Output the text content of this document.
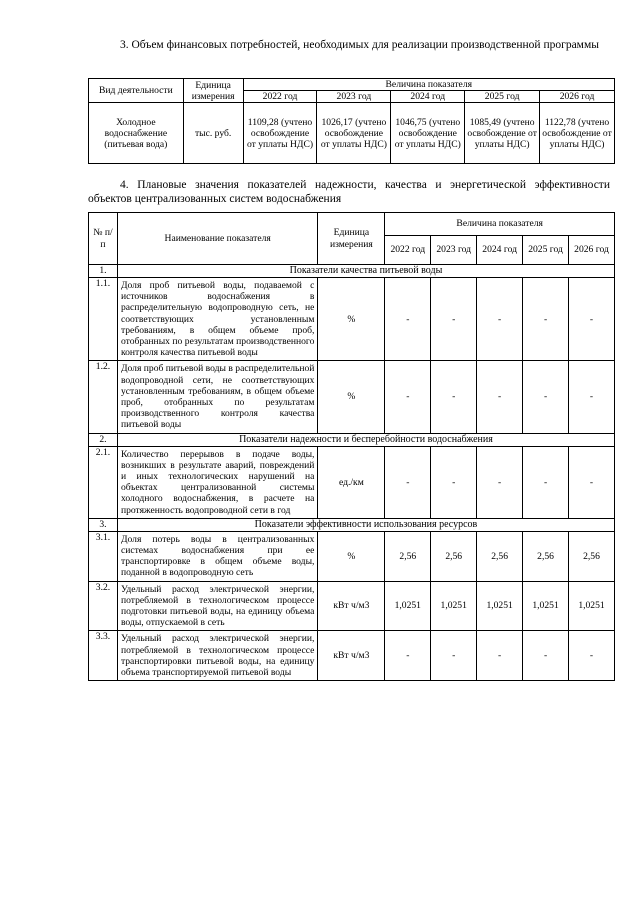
3. Объем финансовых потребностей, необходимых для реализации производственной программы
Вид деятельности	Единица измерения	Величина показателя				
		2022 год	2023 год	2024 год	2025 год	2026 год
Холодное водоснабжение (питьевая вода)	тыс. руб.	1109,28 (учтено освобождение от уплаты НДС)	1026,17 (учтено освобождение от уплаты НДС)	1046,75 (учтено освобождение от уплаты НДС)	1085,49 (учтено освобождение от уплаты НДС)	1122,78 (учтено освобождение от уплаты НДС)
4. Плановые значения показателей надежности, качества и энергетической эффективности объектов централизованных систем водоснабжения
№ п/п	Наименование показателя	Единица измерения	Величина показателя				
			2022 год	2023 год	2024 год	2025 год	2026 год
1.	Показатели качества питьевой воды						
1.1.	Доля проб питьевой воды, подаваемой с источников водоснабжения в распределительную водопроводную сеть, не соответствующих установленным требованиям, в общем объеме проб, отобранных по результатам производственного контроля качества питьевой воды	%	-	-	-	-	-
1.2.	Доля проб питьевой воды в распределительной водопроводной сети, не соответствующих установленным требованиям, в общем объеме проб, отобранных по результатам производственного контроля качества питьевой воды	%	-	-	-	-	-
2.	Показатели надежности и бесперебойности водоснабжения						
2.1.	Количество перерывов в подаче воды, возникших в результате аварий, повреждений и иных технологических нарушений на объектах централизованной системы холодного водоснабжения, в расчете на протяженность водопроводной сети в год	ед./км	-	-	-	-	-
3.	Показатели эффективности использования ресурсов						
3.1.	Доля потерь воды в централизованных системах водоснабжения при ее транспортировке в общем объеме воды, поданной в водопроводную сеть	%	2,56	2,56	2,56	2,56	2,56
3.2.	Удельный расход электрической энергии, потребляемой в технологическом процессе подготовки питьевой воды, на единицу объема воды, отпускаемой в сеть	кВт ч/м3	1,0251	1,0251	1,0251	1,0251	1,0251
3.3.	Удельный расход электрической энергии, потребляемой в технологическом процессе транспортировки питьевой воды, на единицу объема транспортируемой питьевой воды	кВт ч/м3	-	-	-	-	-
